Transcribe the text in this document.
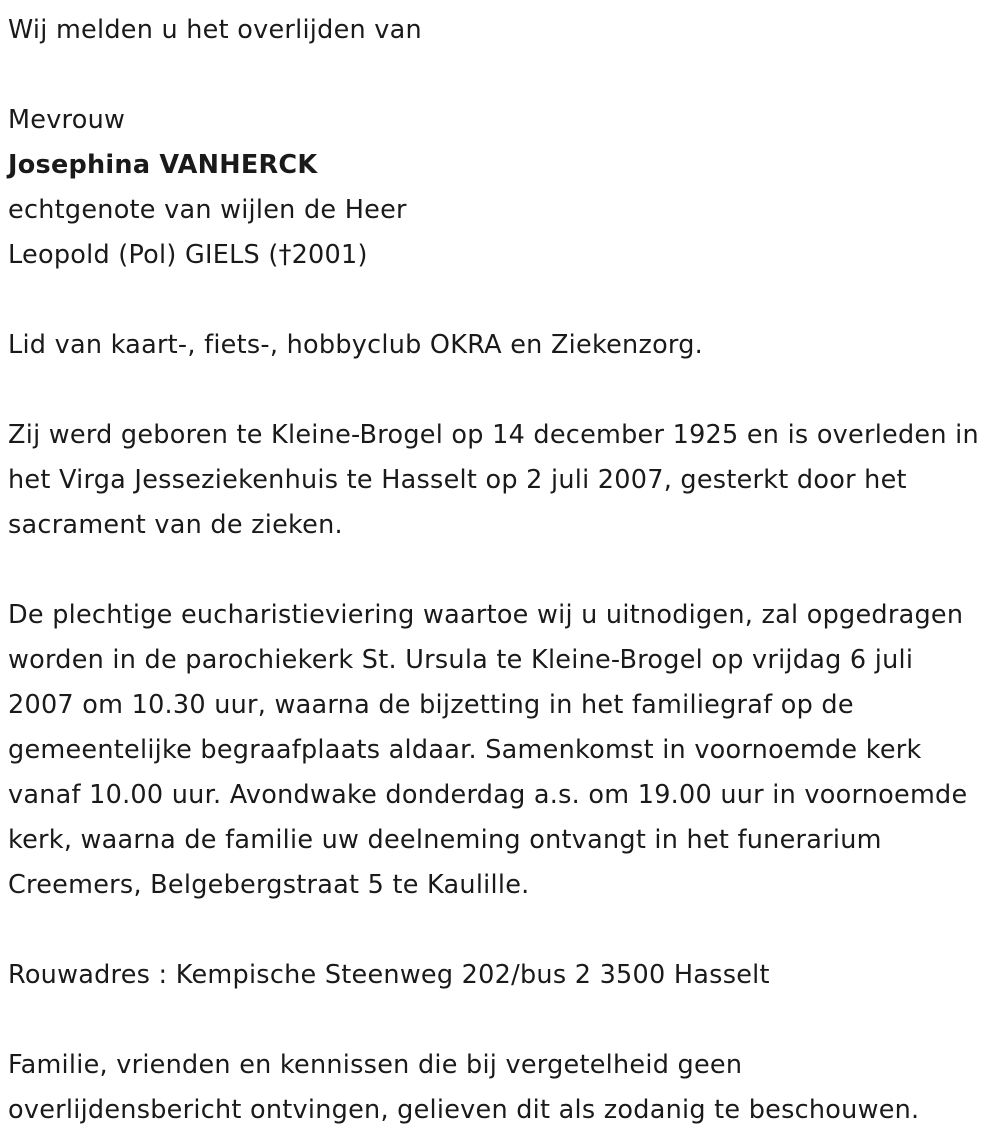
Wij melden u het overlijden van

Mevrouw
Josephina VANHERCK
echtgenote van wijlen de Heer
Leopold (Pol) GIELS (†2001)

Lid van kaart-, fiets-, hobbyclub OKRA en Ziekenzorg.

Zij werd geboren te Kleine-Brogel op 14 december 1925 en is overleden in
het Virga Jesseziekenhuis te Hasselt op 2 juli 2007, gesterkt door het
sacrament van de zieken.

De plechtige eucharistieviering waartoe wij u uitnodigen, zal opgedragen
worden in de parochiekerk St. Ursula te Kleine-Brogel op vrijdag 6 juli
2007 om 10.30 uur, waarna de bijzetting in het familiegraf op de
gemeentelijke begraafplaats aldaar. Samenkomst in voornoemde kerk
vanaf 10.00 uur. Avondwake donderdag a.s. om 19.00 uur in voornoemde
kerk, waarna de familie uw deelneming ontvangt in het funerarium
Creemers, Belgebergstraat 5 te Kaulille.

Rouwadres : Kempische Steenweg 202/bus 2 3500 Hasselt

Familie, vrienden en kennissen die bij vergetelheid geen
overlijdensbericht ontvingen, gelieven dit als zodanig te beschouwen.
